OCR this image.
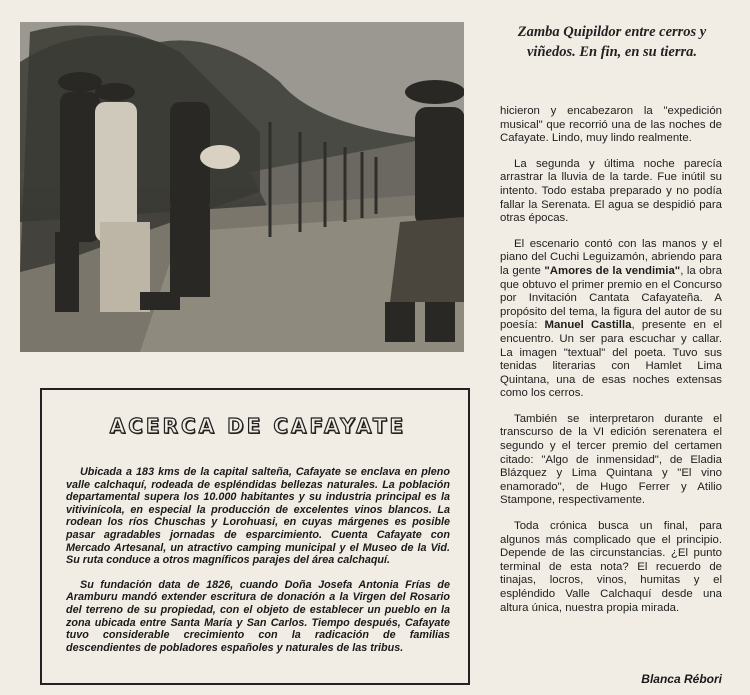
Zamba Quipildor entre cerros y
viñedos. En fin, en su tierra.

hicieron y encabezaron la "expedición musical" que recorrió una de las noches de Cafayate. Lindo, muy lindo realmente.

La segunda y última noche parecía arrastrar la lluvia de la tarde. Fue inútil su intento. Todo estaba preparado y no podía fallar la Serenata. El agua se despidió para otras épocas.

El escenario contó con las manos y el piano del Cuchi Leguizamón, abriendo para la gente "Amores de la vendimia", la obra que obtuvo el primer premio en el Concurso por Invitación Cantata Cafayateña. A propósito del tema, la figura del autor de su poesía: Manuel Castilla, presente en el encuentro. Un ser para escuchar y callar. La imagen "textual" del poeta. Tuvo sus tenidas literarias con Hamlet Lima Quintana, una de esas noches extensas como los cerros.

También se interpretaron durante el transcurso de la VI edición serenatera el segundo y el tercer premio del certamen citado: "Algo de inmensidad", de Eladia Blázquez y Lima Quintana y "El vino enamorado", de Hugo Ferrer y Atilio Stampone, respectivamente.

Toda crónica busca un final, para algunos más complicado que el principio. Depende de las circunstancias. ¿El punto terminal de esta nota? El recuerdo de tinajas, locros, vinos, humitas y el espléndido Valle Calchaquí desde una altura única, nuestra propia mirada.

Blanca Rébori
ACERCA DE CAFAYATE

Ubicada a 183 kms de la capital salteña, Cafayate se enclava en pleno valle calchaquí, rodeada de espléndidas bellezas naturales. La población departamental supera los 10.000 habitantes y su industria principal es la vitivinícola, en especial la producción de excelentes vinos blancos. La rodean los ríos Chuschas y Lorohuasi, en cuyas márgenes es posible pasar agradables jornadas de esparcimiento. Cuenta Cafayate con Mercado Artesanal, un atractivo camping municipal y el Museo de la Vid. Su ruta conduce a otros magníficos parajes del área calchaquí.

Su fundación data de 1826, cuando Doña Josefa Antonia Frías de Aramburu mandó extender escritura de donación a la Virgen del Rosario del terreno de su propiedad, con el objeto de establecer un pueblo en la zona ubicada entre Santa María y San Carlos. Tiempo después, Cafayate tuvo considerable crecimiento con la radicación de familias descendientes de pobladores españoles y naturales de las tribus.
